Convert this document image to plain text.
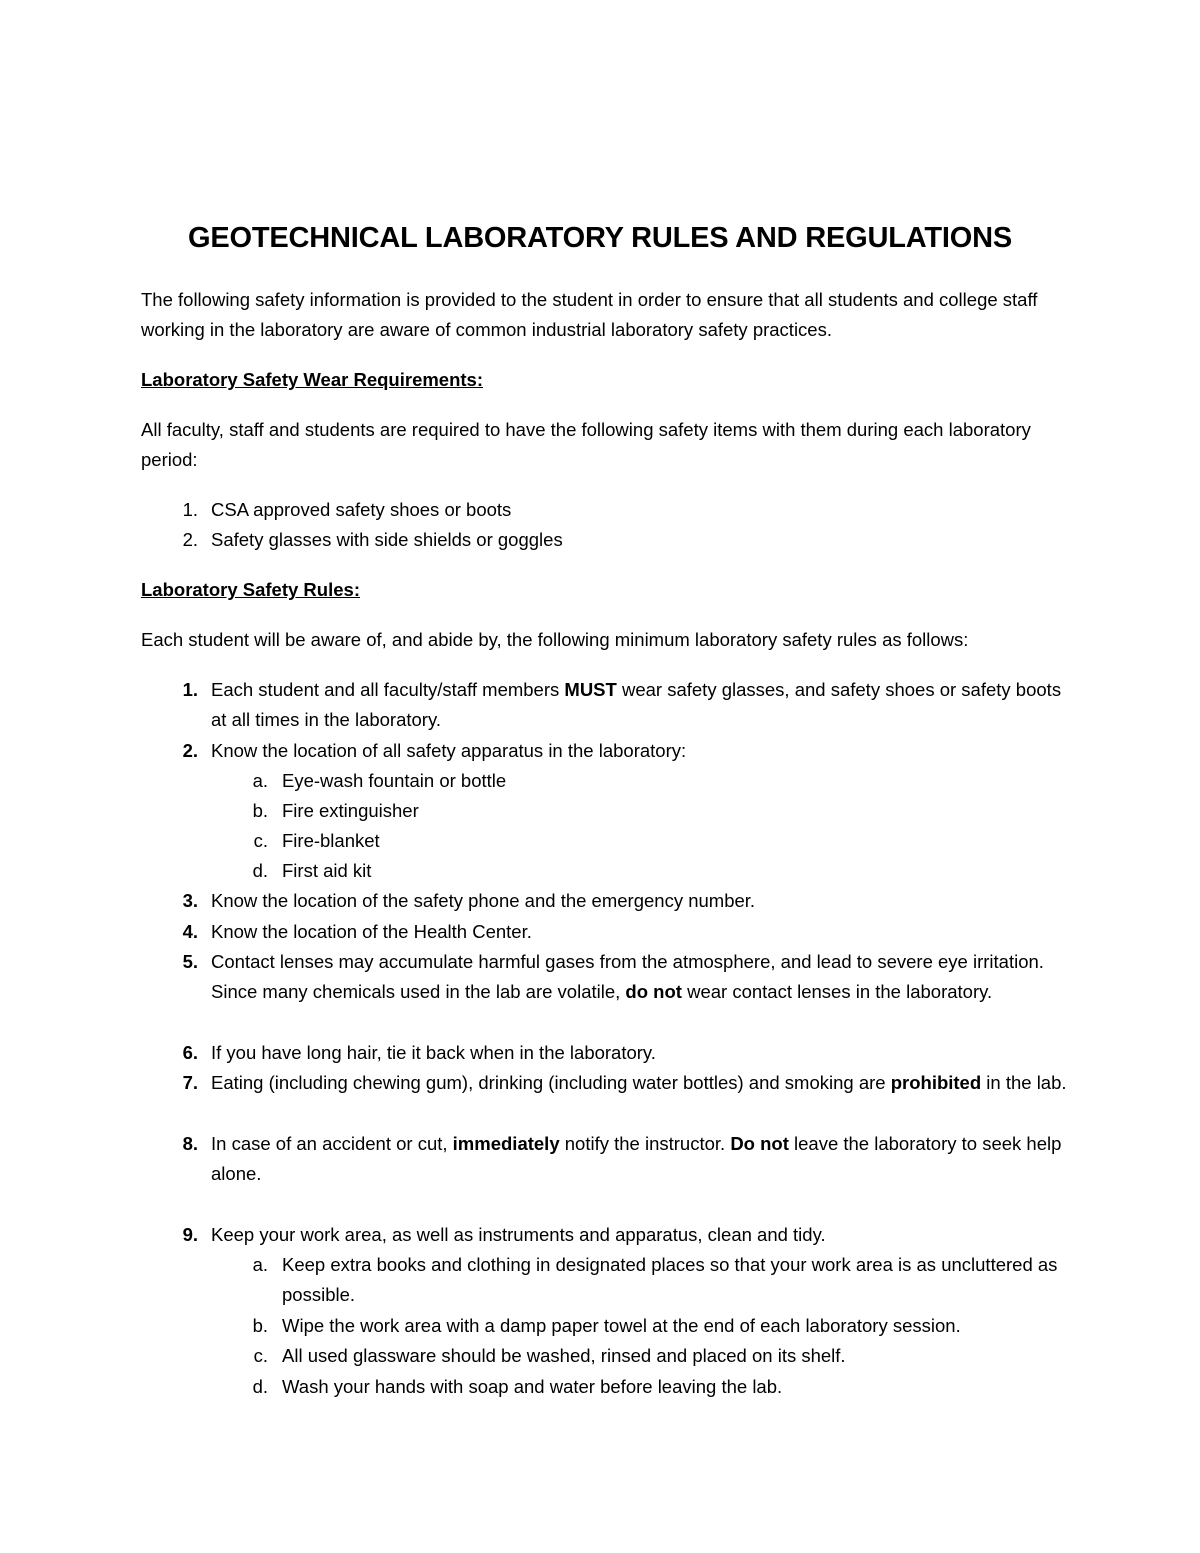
GEOTECHNICAL LABORATORY RULES AND REGULATIONS

The following safety information is provided to the student in order to ensure that all students and college staff working in the laboratory are aware of common industrial laboratory safety practices.

Laboratory Safety Wear Requirements:

All faculty, staff and students are required to have the following safety items with them during each laboratory period:

1. CSA approved safety shoes or boots
2. Safety glasses with side shields or goggles
Laboratory Safety Rules:

Each student will be aware of, and abide by, the following minimum laboratory safety rules as follows:

1. Each student and all faculty/staff members MUST wear safety glasses, and safety shoes or safety boots at all times in the laboratory.
2. Know the location of all safety apparatus in the laboratory:
a. Eye-wash fountain or bottle
b. Fire extinguisher
c. Fire-blanket
d. First aid kit
3. Know the location of the safety phone and the emergency number.
4. Know the location of the Health Center.
5. Contact lenses may accumulate harmful gases from the atmosphere, and lead to severe eye irritation. Since many chemicals used in the lab are volatile, do not wear contact lenses in the laboratory.
6. If you have long hair, tie it back when in the laboratory.
7. Eating (including chewing gum), drinking (including water bottles) and smoking are prohibited in the lab.
8. In case of an accident or cut, immediately notify the instructor. Do not leave the laboratory to seek help alone.
9. Keep your work area, as well as instruments and apparatus, clean and tidy.
a. Keep extra books and clothing in designated places so that your work area is as uncluttered as possible.
b. Wipe the work area with a damp paper towel at the end of each laboratory session.
c. All used glassware should be washed, rinsed and placed on its shelf.
d. Wash your hands with soap and water before leaving the lab.
